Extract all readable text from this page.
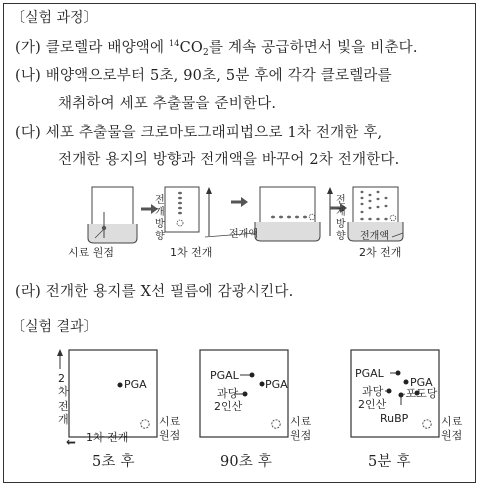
〔실험 과정〕
(가) 클로렐라 배양액에 $^{14}CO_2$를 계속 공급하면서 빛을 비춘다.
(나) 배양액으로부터 5초, 90초, 5분 후에 각각 클로렐라를
채취하여 세포 추출물을 준비한다.
(다) 세포 추출물을 크로마토그래피법으로 1차 전개한 후,
전개한 용지의 방향과 전개액을 바꾸어 2차 전개한다.
시료 원점	1차 전개
전개액	전개액
2차 전개
전
개
방
향
전
개
방
향
(라) 전개한 용지를 X선 필름에 감광시킨다.
〔실험 결과〕
2
차
전
개
1차 전개
←
PGA
시료
원점
5초 후
PGAL
PGA
과당
2인산
시료
원점
90초 후
PGAL
PGA
과당 –포도당
2인산
RuBP	시료
원점
5분 후
